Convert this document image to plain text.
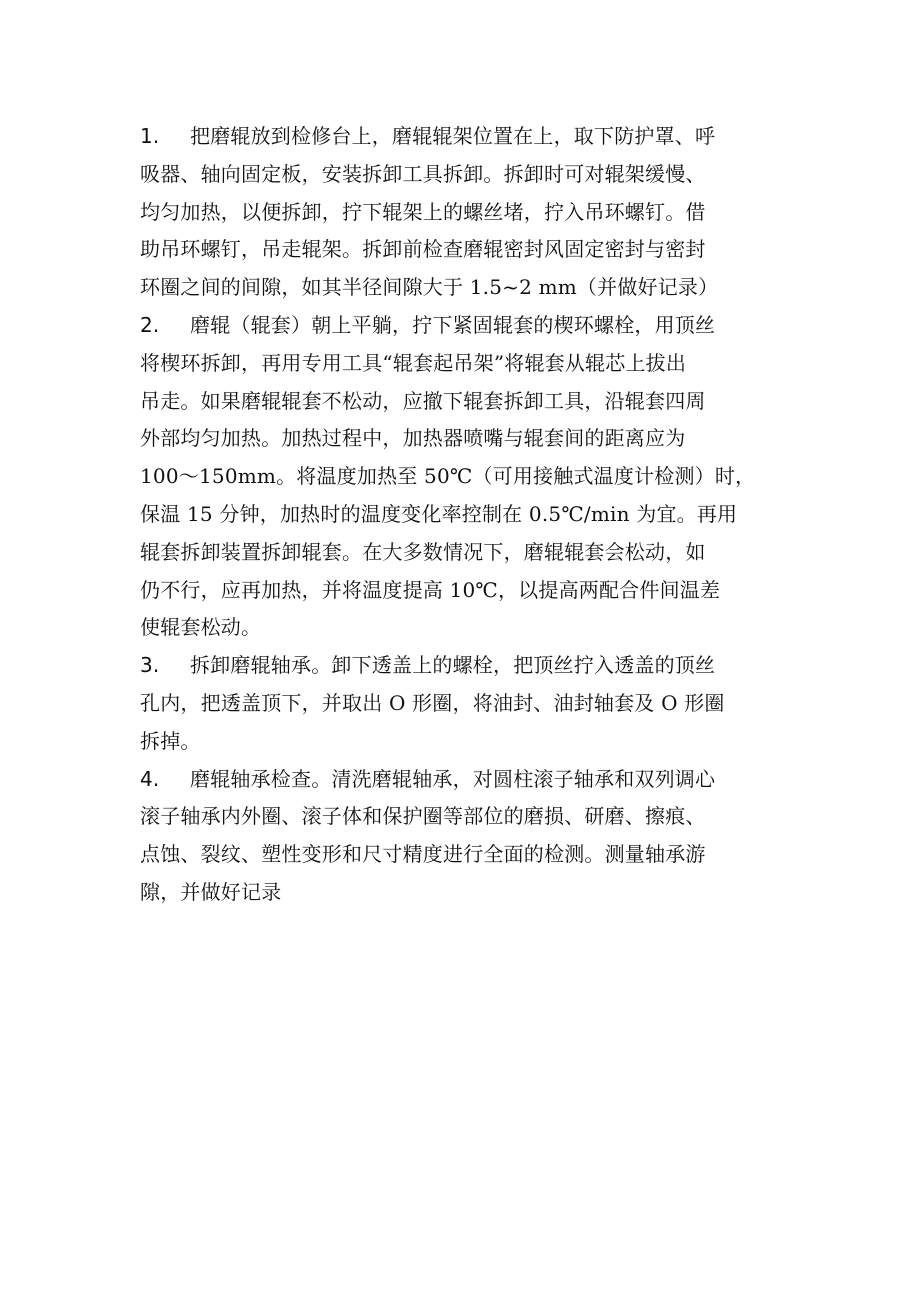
1. 把磨辊放到检修台上，磨辊辊架位置在上，取下防护罩、呼
吸器、轴向固定板，安装拆卸工具拆卸。拆卸时可对辊架缓慢、
均匀加热，以便拆卸，拧下辊架上的螺丝堵，拧入吊环螺钉。借
助吊环螺钉，吊走辊架。拆卸前检查磨辊密封风固定密封与密封
环圈之间的间隙，如其半径间隙大于 1.5~2 mm（并做好记录）
2. 磨辊（辊套）朝上平躺，拧下紧固辊套的楔环螺栓，用顶丝
将楔环拆卸，再用专用工具“辊套起吊架”将辊套从辊芯上拔出
吊走。如果磨辊辊套不松动，应撤下辊套拆卸工具，沿辊套四周
外部均匀加热。加热过程中，加热器喷嘴与辊套间的距离应为
100～150mm。将温度加热至 50℃（可用接触式温度计检测）时，
保温 15 分钟，加热时的温度变化率控制在 0.5℃/min 为宜。再用
辊套拆卸装置拆卸辊套。在大多数情况下，磨辊辊套会松动，如
仍不行，应再加热，并将温度提高 10℃，以提高两配合件间温差
使辊套松动。
3. 拆卸磨辊轴承。卸下透盖上的螺栓，把顶丝拧入透盖的顶丝
孔内，把透盖顶下，并取出 O 形圈，将油封、油封轴套及 O 形圈
拆掉。
4. 磨辊轴承检查。清洗磨辊轴承，对圆柱滚子轴承和双列调心
滚子轴承内外圈、滚子体和保护圈等部位的磨损、研磨、擦痕、
点蚀、裂纹、塑性变形和尺寸精度进行全面的检测。测量轴承游
隙，并做好记录
